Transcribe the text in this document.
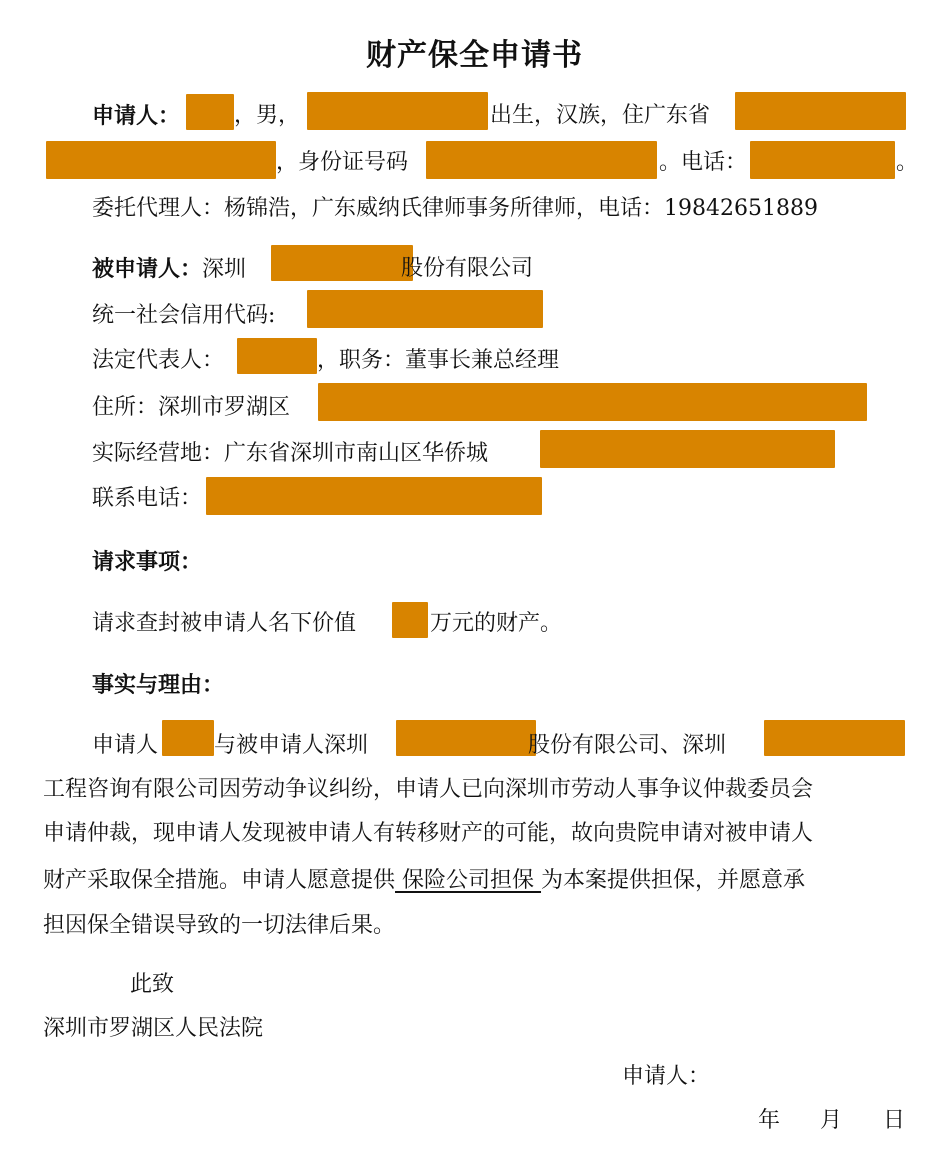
财产保全申请书
申请人： ，男，	出生，汉族，住广东省
，身份证号码	。电话：	。
委托代理人：杨锦浩，广东威纳氏律师事务所律师，电话：19842651889
被申请人：深圳	股份有限公司
统一社会信用代码:
法定代表人：	，职务：董事长兼总经理
住所：深圳市罗湖区
实际经营地：广东省深圳市南山区华侨城
联系电话：
请求事项：
请求查封被申请人名下价值	万元的财产。
事实与理由：
申请人	与被申请人深圳	股份有限公司、深圳
工程咨询有限公司因劳动争议纠纷，申请人已向深圳市劳动人事争议仲裁委员会
申请仲裁，现申请人发现被申请人有转移财产的可能，故向贵院申请对被申请人
财产采取保全措施。申请人愿意提供 保险公司担保 为本案提供担保，并愿意承
担因保全错误导致的一切法律后果。
此致
深圳市罗湖区人民法院
申请人：
年 月 日
